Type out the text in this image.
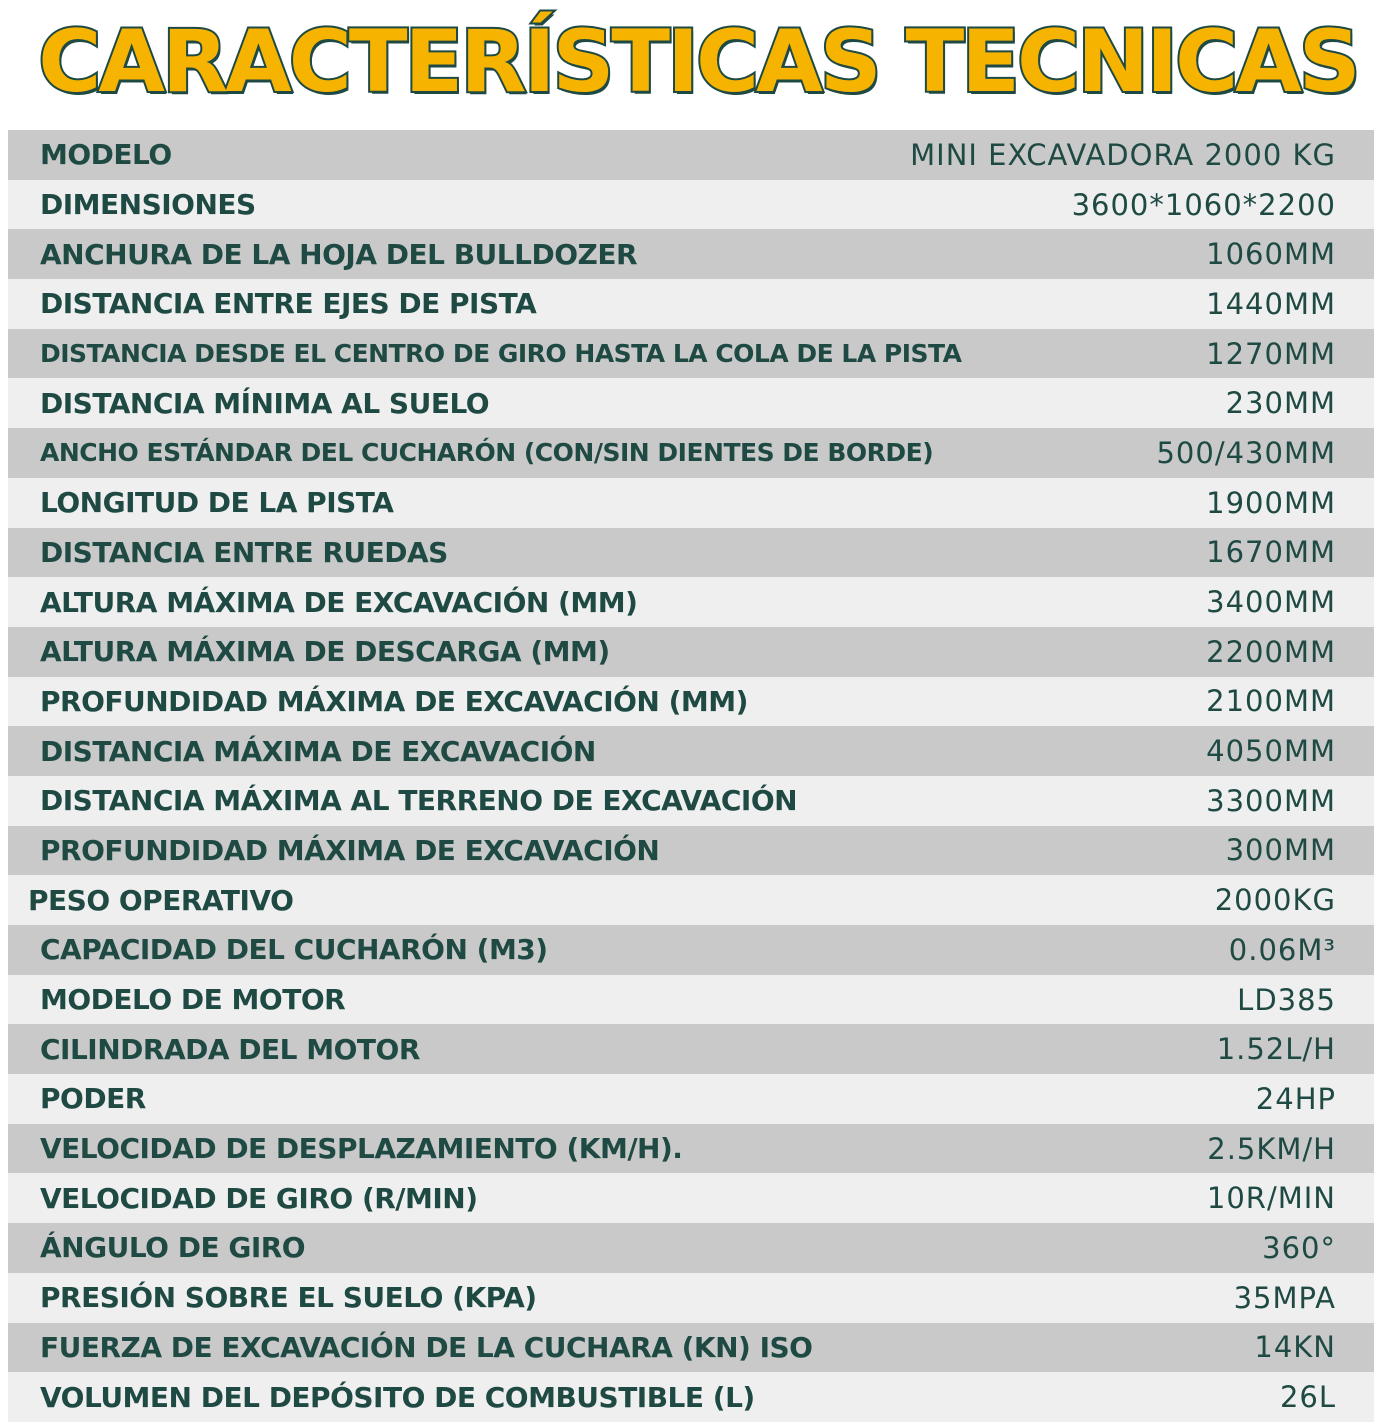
CARACTERÍSTICAS TECNICAS
MODELO	MINI EXCAVADORA 2000 KG
DIMENSIONES	3600*1060*2200
ANCHURA DE LA HOJA DEL BULLDOZER	1060MM
DISTANCIA ENTRE EJES DE PISTA	1440MM
DISTANCIA DESDE EL CENTRO DE GIRO HASTA LA COLA DE LA PISTA	1270MM
DISTANCIA MÍNIMA AL SUELO	230MM
ANCHO ESTÁNDAR DEL CUCHARÓN (CON/SIN DIENTES DE BORDE)	500/430MM
LONGITUD DE LA PISTA	1900MM
DISTANCIA ENTRE RUEDAS	1670MM
ALTURA MÁXIMA DE EXCAVACIÓN (MM)	3400MM
ALTURA MÁXIMA DE DESCARGA (MM)	2200MM
PROFUNDIDAD MÁXIMA DE EXCAVACIÓN (MM)	2100MM
DISTANCIA MÁXIMA DE EXCAVACIÓN	4050MM
DISTANCIA MÁXIMA AL TERRENO DE EXCAVACIÓN	3300MM
PROFUNDIDAD MÁXIMA DE EXCAVACIÓN	300MM
PESO OPERATIVO	2000KG
CAPACIDAD DEL CUCHARÓN (M3)	0.06M³
MODELO DE MOTOR	LD385
CILINDRADA DEL MOTOR	1.52L/H
PODER	24HP
VELOCIDAD DE DESPLAZAMIENTO (KM/H).	2.5KM/H
VELOCIDAD DE GIRO (R/MIN)	10R/MIN
ÁNGULO DE GIRO	360°
PRESIÓN SOBRE EL SUELO (KPA)	35MPA
FUERZA DE EXCAVACIÓN DE LA CUCHARA (KN) ISO	14KN
VOLUMEN DEL DEPÓSITO DE COMBUSTIBLE (L)	26L
